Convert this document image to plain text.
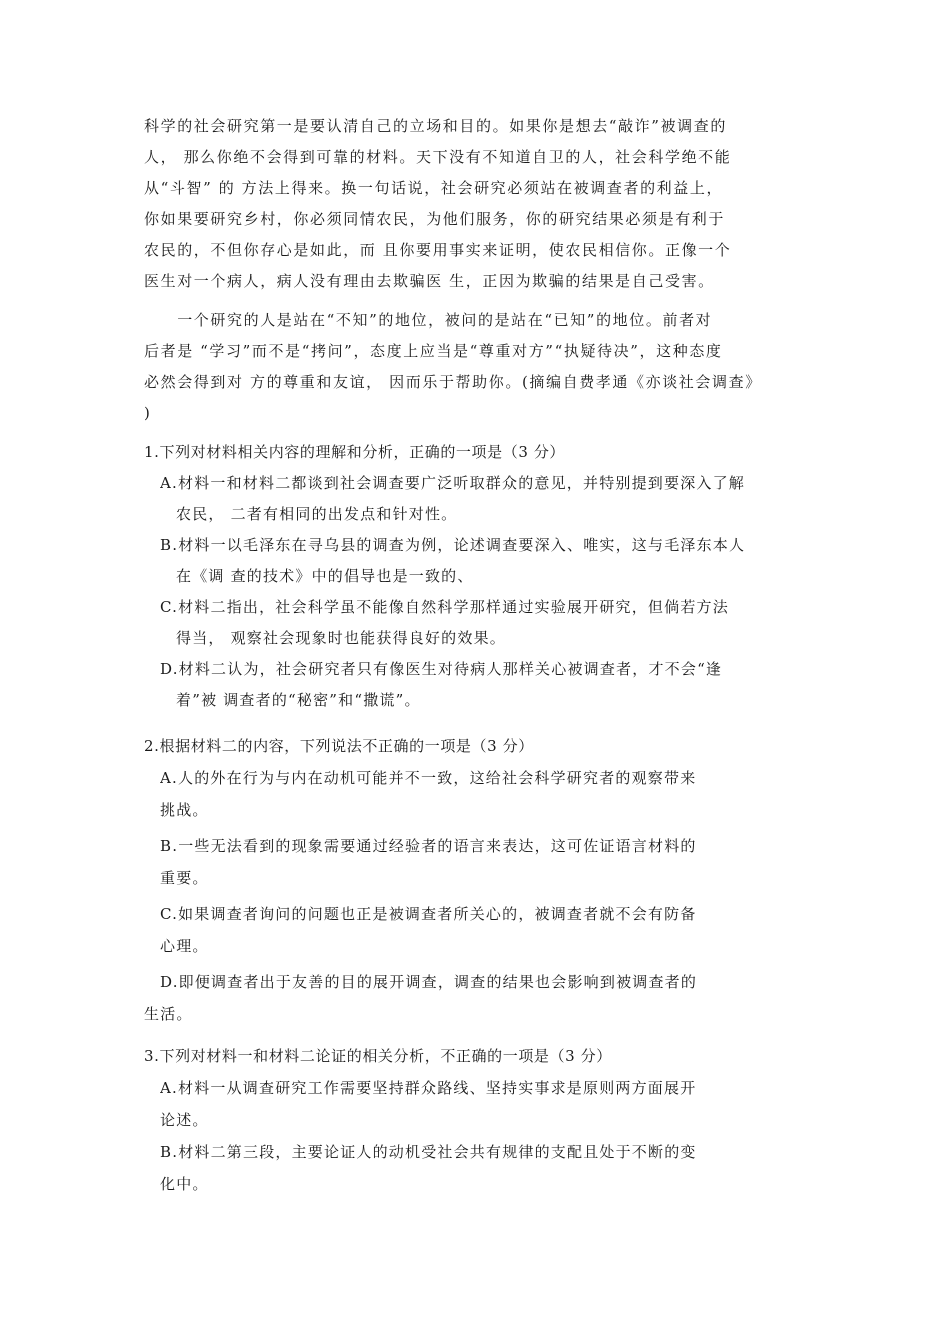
科学的社会研究第一是要认清自己的立场和目的。如果你是想去“敲诈”被调查的
人， 那么你绝不会得到可靠的材料。天下没有不知道自卫的人，社会科学绝不能
从“斗智” 的 方法上得来。换一句话说，社会研究必须站在被调查者的利益上，
你如果要研究乡村，你必须同情农民，为他们服务，你的研究结果必须是有利于
农民的，不但你存心是如此，而 且你要用事实来证明，使农民相信你。正像一个
医生对一个病人，病人没有理由去欺骗医 生，正因为欺骗的结果是自己受害。
　　一个研究的人是站在“不知”的地位，被问的是站在“已知”的地位。前者对
后者是 “学习”而不是“拷问”，态度上应当是“尊重对方”“执疑待决”，这种态度
必然会得到对 方的尊重和友谊， 因而乐于帮助你。(摘编自费孝通《亦谈社会调查》
)
1.下列对材料相关内容的理解和分析，正确的一项是（3 分）
A.材料一和材料二都谈到社会调查要广泛听取群众的意见，并特别提到要深入了解
农民， 二者有相同的出发点和针对性。
B.材料一以毛泽东在寻乌县的调查为例，论述调查要深入、唯实，这与毛泽东本人
在《调 查的技术》中的倡导也是一致的、
C.材料二指出，社会科学虽不能像自然科学那样通过实验展开研究，但倘若方法
得当， 观察社会现象时也能获得良好的效果。
D.材料二认为，社会研究者只有像医生对待病人那样关心被调查者，才不会“逢
着”被 调查者的“秘密”和“撒谎”。
2.根据材料二的内容，下列说法不正确的一项是（3 分）
A.人的外在行为与内在动机可能并不一致，这给社会科学研究者的观察带来
挑战。
B.一些无法看到的现象需要通过经验者的语言来表达，这可佐证语言材料的
重要。
C.如果调查者询问的问题也正是被调查者所关心的，被调查者就不会有防备
心理。
D.即便调查者出于友善的目的展开调查，调查的结果也会影响到被调查者的
生活。
3.下列对材料一和材料二论证的相关分析，不正确的一项是（3 分）
A.材料一从调查研究工作需要坚持群众路线、坚持实事求是原则两方面展开
论述。
B.材料二第三段，主要论证人的动机受社会共有规律的支配且处于不断的变
化中。
